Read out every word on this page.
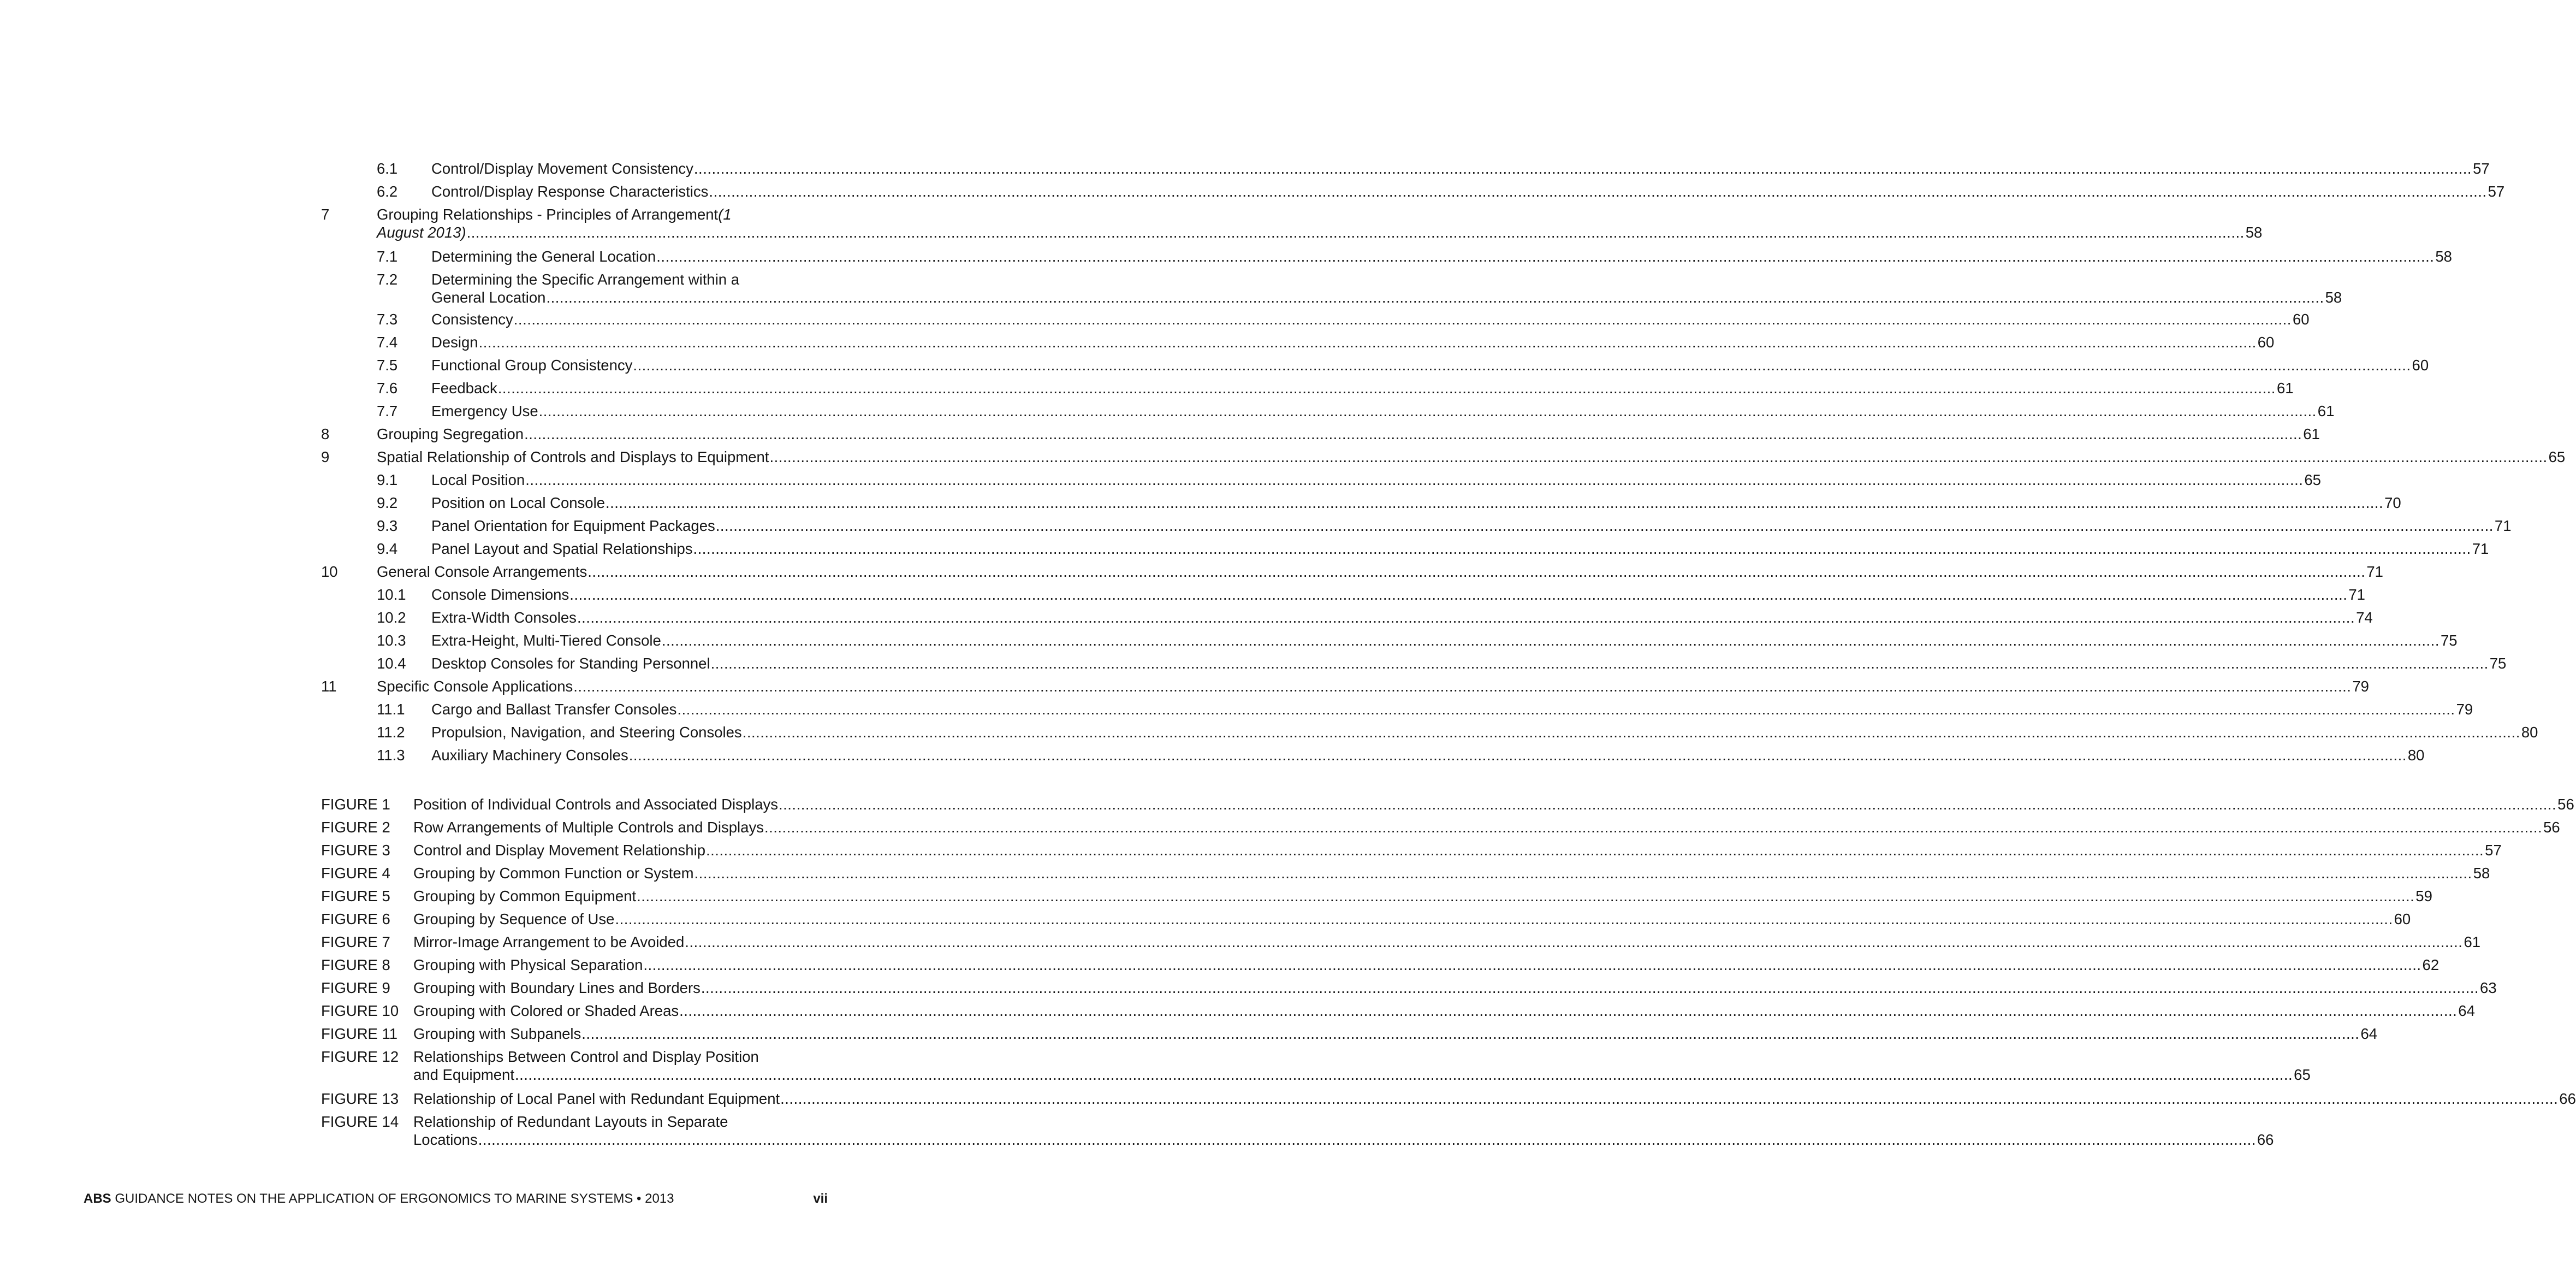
6.1 Control/Display Movement Consistency ................................................................................................................................................................................................................................................................................................................................................................................................................ 57
6.2 Control/Display Response Characteristics ................................................................................................................................................................................................................................................................................................................................................................................................................ 57
7	Grouping Relationships - Principles of Arrangement (1
August 2013) ................................................................................................................................................................................................................................................................................................................................................................................................................ 58
7.1 Determining the General Location ................................................................................................................................................................................................................................................................................................................................................................................................................ 58
7.2 Determining the Specific Arrangement within a
General Location ................................................................................................................................................................................................................................................................................................................................................................................................................ 58
7.3 Consistency ................................................................................................................................................................................................................................................................................................................................................................................................................ 60
7.4 Design ................................................................................................................................................................................................................................................................................................................................................................................................................ 60
7.5 Functional Group Consistency ................................................................................................................................................................................................................................................................................................................................................................................................................ 60
7.6 Feedback ................................................................................................................................................................................................................................................................................................................................................................................................................ 61
7.7 Emergency Use ................................................................................................................................................................................................................................................................................................................................................................................................................ 61
8	Grouping Segregation ................................................................................................................................................................................................................................................................................................................................................................................................................ 61
9	Spatial Relationship of Controls and Displays to Equipment ................................................................................................................................................................................................................................................................................................................................................................................................................ 65
9.1 Local Position ................................................................................................................................................................................................................................................................................................................................................................................................................ 65
9.2 Position on Local Console ................................................................................................................................................................................................................................................................................................................................................................................................................ 70
9.3 Panel Orientation for Equipment Packages ................................................................................................................................................................................................................................................................................................................................................................................................................ 71
9.4 Panel Layout and Spatial Relationships ................................................................................................................................................................................................................................................................................................................................................................................................................ 71
10	General Console Arrangements ................................................................................................................................................................................................................................................................................................................................................................................................................ 71
10.1 Console Dimensions ................................................................................................................................................................................................................................................................................................................................................................................................................ 71
10.2 Extra-Width Consoles ................................................................................................................................................................................................................................................................................................................................................................................................................ 74
10.3 Extra-Height, Multi-Tiered Console ................................................................................................................................................................................................................................................................................................................................................................................................................ 75
10.4 Desktop Consoles for Standing Personnel ................................................................................................................................................................................................................................................................................................................................................................................................................ 75
11	Specific Console Applications ................................................................................................................................................................................................................................................................................................................................................................................................................ 79
11.1 Cargo and Ballast Transfer Consoles ................................................................................................................................................................................................................................................................................................................................................................................................................ 79
11.2 Propulsion, Navigation, and Steering Consoles ................................................................................................................................................................................................................................................................................................................................................................................................................ 80
11.3 Auxiliary Machinery Consoles ................................................................................................................................................................................................................................................................................................................................................................................................................ 80
FIGURE 1 Position of Individual Controls and Associated Displays ................................................................................................................................................................................................................................................................................................................................................................................................................ 56
FIGURE 2 Row Arrangements of Multiple Controls and Displays ................................................................................................................................................................................................................................................................................................................................................................................................................ 56
FIGURE 3 Control and Display Movement Relationship ................................................................................................................................................................................................................................................................................................................................................................................................................ 57
FIGURE 4 Grouping by Common Function or System ................................................................................................................................................................................................................................................................................................................................................................................................................ 58
FIGURE 5 Grouping by Common Equipment ................................................................................................................................................................................................................................................................................................................................................................................................................ 59
FIGURE 6 Grouping by Sequence of Use ................................................................................................................................................................................................................................................................................................................................................................................................................ 60
FIGURE 7 Mirror-Image Arrangement to be Avoided ................................................................................................................................................................................................................................................................................................................................................................................................................ 61
FIGURE 8 Grouping with Physical Separation ................................................................................................................................................................................................................................................................................................................................................................................................................ 62
FIGURE 9 Grouping with Boundary Lines and Borders ................................................................................................................................................................................................................................................................................................................................................................................................................ 63
FIGURE 10 Grouping with Colored or Shaded Areas ................................................................................................................................................................................................................................................................................................................................................................................................................ 64
FIGURE 11 Grouping with Subpanels ................................................................................................................................................................................................................................................................................................................................................................................................................ 64
FIGURE 12 Relationships Between Control and Display Position
and Equipment ................................................................................................................................................................................................................................................................................................................................................................................................................ 65
FIGURE 13 Relationship of Local Panel with Redundant Equipment ................................................................................................................................................................................................................................................................................................................................................................................................................ 66
FIGURE 14 Relationship of Redundant Layouts in Separate
Locations ................................................................................................................................................................................................................................................................................................................................................................................................................ 66
ABS GUIDANCE NOTES ON THE APPLICATION OF ERGONOMICS TO MARINE SYSTEMS • 2013	vii
